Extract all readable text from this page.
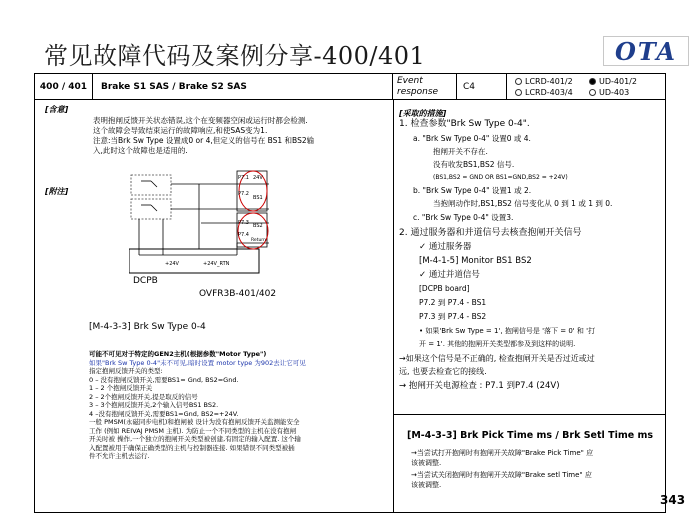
常见故障代码及案例分享-400/401	OTA
400 / 401	Brake S1 SAS / Brake S2 SAS
Event
response	C4	LCRD-401/2	UD-401/2
LCRD-403/4	UD-403
[含意]
表明抱闸反馈开关状态错误,这个在变频器空闲或运行时都会检测.
这个故障会导致结束运行的故障响应,和使SAS变为1.
注意:当Brk Sw Type 设置成0 or 4,但定义的信号在 BS1 和BS2输
入,此时这个故障也是适用的.
[附注]
P7.1
P7.2
P7.3
P7.4
24V
BS1
BS2
Return
+24V	+24V_RTN
DCPB
OVFR3B-401/402
[M-4-3-3] Brk Sw Type 0-4
可能不可见对于特定的GEN2主机(根据参数"Motor Type")
如果"Brk Sw Type 0-4"未不可见,暗时设置 motor type 为902去让它可见
指定抱闸反馈开关的类型:
0 – 没有抱闸反馈开关,需要BS1= Gnd, BS2=Gnd.
1 – 2 个抱闸反馈开关
2 – 2个抱闸反馈开关,提是取反的信号
3 – 3个抱闸反馈开关,2个输入信号BS1 BS2.
4 –没有抱闸反馈开关,需要BS1=Gnd, BS2=+24V.
一般 PMSM(永磁同步电机)和抱闸被 设计为没有抱闸反馈开关监测能安全
工作 (例如 REIVAJ PMSM 主机). 为防止一个不同类型的主机在没有抱闸
开关时被 操作,一个独立的抱闸开关类型被创建,有固定的输入配置. 这个输
入配置被用于确保正确类型的主机与控制器连接. 如果错误不同类型被插
件不允许主机去运行.
[采取的措施]
1. 检查参数"Brk Sw Type 0-4".
a. "Brk Sw Type 0-4" 设置0 或 4.
抱闸开关不存在.
没有收发BS1,BS2 信号.
(BS1,BS2 = GND OR BS1=GND,BS2 = +24V)
b. "Brk Sw Type 0-4" 设置1 或 2.
当抱闸动作时,BS1,BS2 信号变化从 0 到 1 或 1 到 0.
c. "Brk Sw Type 0-4" 设置3.
2. 通过服务器和并道信号去核查抱闸开关信号
✓ 通过服务器
[M-4-1-5] Monitor BS1 BS2
✓ 通过并道信号
[DCPB board]
P7.2 到 P7.4 - BS1
P7.3 到 P7.4 - BS2
• 如果'Brk Sw Type = 1', 抱闸信号是 '落下 = 0' 和 '打
开 = 1'. 其他的抱闸开关类型都参及到这样的说明.
→如果这个信号是不正确的, 检查抱闸开关是否过近或过
远, 也要去检查它的接线.
→ 抱闸开关电源检查 : P7.1 到P7.4 (24V)
[M-4-3-3] Brk Pick Time ms / Brk Setl Time ms
→当尝试打开抱闸时有抱闸开关故障"Brake Pick Time" 应
该被调整.
→当尝试关闭抱闸时有抱闸开关故障"Brake setl Time" 应
该被调整.
343
